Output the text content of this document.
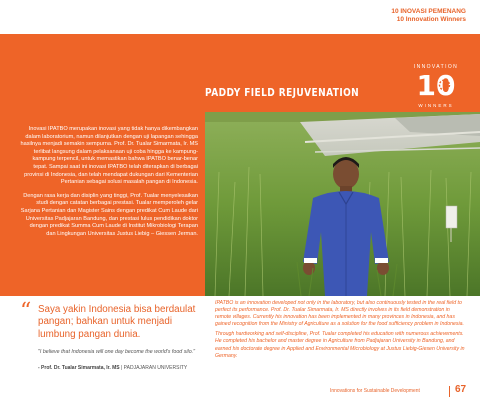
10 INOVASI PEMENANG
10 Innovation Winners
INNOVATION
10
WINNERS
PADDY FIELD REJUVENATION

Inovasi IPATBO merupakan inovasi yang tidak hanya dikembangkan dalam laboratorium, namun dilanjutkan dengan uji lapangan sehingga hasilnya menjadi semakin sempurna. Prof. Dr. Tualar Simarmata, Ir. MS terlibat langsung dalam pelaksanaan uji coba hingga ke kampung-kampung terpencil, untuk memastikan bahwa IPATBO benar-benar tepat. Sampai saat ini inovasi IPATBO telah diterapkan di berbagai provinsi di Indonesia, dan telah mendapat dukungan dari Kementerian Pertanian sebagai solusi masalah pangan di Indonesia.

Dengan rasa kerja dan disiplin yang tinggi, Prof. Tualar menyelesaikan studi dengan catatan berbagai prestasi. Tualar memperoleh gelar Sarjana Pertanian dan Magister Sains dengan predikat Cum Laude dari Universitas Padjajaran Bandung, dan prestasi lulus pendidikan doktor dengan predikat Summa Cum Laude di Institut Mikrobiologi Terapan dan Lingkungan Universitas Justus Liebig – Giessen Jerman.

“ Saya yakin Indonesia bisa berdaulat pangan; bahkan untuk menjadi lumbung pangan dunia.
"I believe that Indonesia will one day become the world's food silo."
- Prof. Dr. Tualar Simarmata, Ir. MS | PADJAJARAN UNIVERSITY

IPATBO is an innovation developed not only in the laboratory, but also continuously tested in the real field to perfect its performance. Prof. Dr. Tualar Simarmata, Ir. MS directly involves in its field demonstration in remote villages. Currently his innovation has been implemented in many provinces in Indonesia, and has gained recognition from the Ministry of Agriculture as a solution for the food sufficiency problem in Indonesia.

Through hardworking and self-discipline, Prof. Tualar completed his education with numerous achievements. He completed his bachelor and master degree in Agriculture from Padjajaran University in Bandung, and earned his doctorate degree in Applied and Environmental Microbiology at Justus Liebig-Giesen University in Germany.

Innovations for Sustainable Development	67
